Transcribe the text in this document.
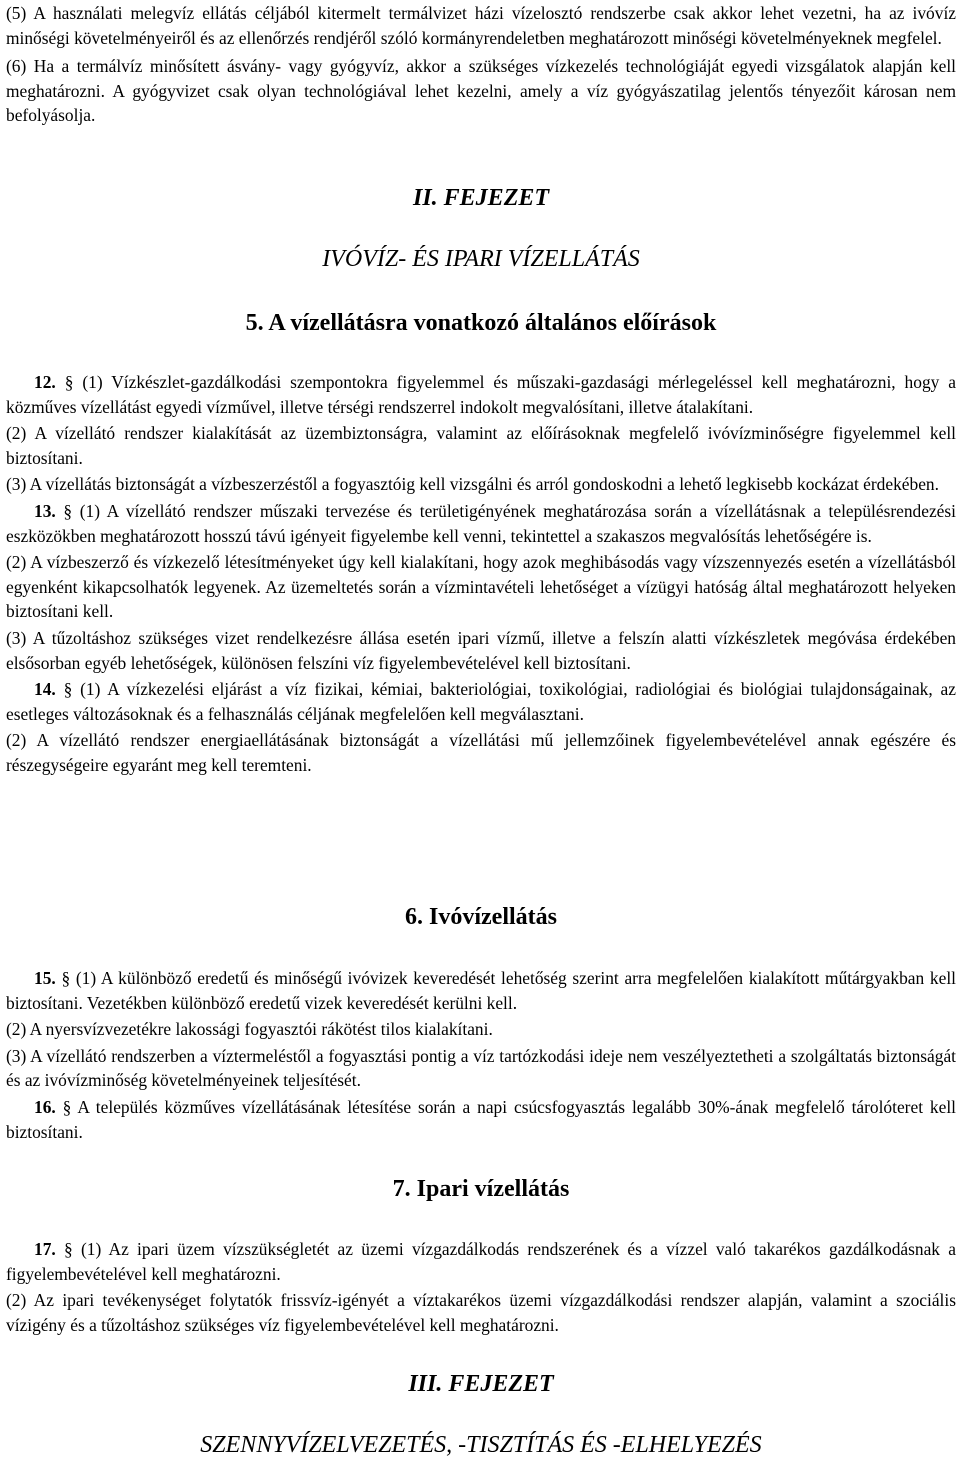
(5) A használati melegvíz ellátás céljából kitermelt termálvizet házi vízelosztó rendszerbe csak akkor lehet vezetni, ha az ivóvíz minőségi követelményeiről és az ellenőrzés rendjéről szóló kormányrendeletben meghatározott minőségi követelményeknek megfelel.

(6) Ha a termálvíz minősített ásvány- vagy gyógyvíz, akkor a szükséges vízkezelés technológiáját egyedi vizsgálatok alapján kell meghatározni. A gyógyvizet csak olyan technológiával lehet kezelni, amely a víz gyógyászatilag jelentős tényezőit károsan nem befolyásolja.

II. FEJEZET
IVÓVÍZ- ÉS IPARI VÍZELLÁTÁS
5. A vízellátásra vonatkozó általános előírások

12. § (1) Vízkészlet-gazdálkodási szempontokra figyelemmel és műszaki-gazdasági mérlegeléssel kell meghatározni, hogy a közműves vízellátást egyedi vízművel, illetve térségi rendszerrel indokolt megvalósítani, illetve átalakítani.

(2) A vízellátó rendszer kialakítását az üzembiztonságra, valamint az előírásoknak megfelelő ivóvízminőségre figyelemmel kell biztosítani.

(3) A vízellátás biztonságát a vízbeszerzéstől a fogyasztóig kell vizsgálni és arról gondoskodni a lehető legkisebb kockázat érdekében.

13. § (1) A vízellátó rendszer műszaki tervezése és területigényének meghatározása során a vízellátásnak a településrendezési eszközökben meghatározott hosszú távú igényeit figyelembe kell venni, tekintettel a szakaszos megvalósítás lehetőségére is.

(2) A vízbeszerző és vízkezelő létesítményeket úgy kell kialakítani, hogy azok meghibásodás vagy vízszennyezés esetén a vízellátásból egyenként kikapcsolhatók legyenek. Az üzemeltetés során a vízmintavételi lehetőséget a vízügyi hatóság által meghatározott helyeken biztosítani kell.

(3) A tűzoltáshoz szükséges vizet rendelkezésre állása esetén ipari vízmű, illetve a felszín alatti vízkészletek megóvása érdekében elsősorban egyéb lehetőségek, különösen felszíni víz figyelembevételével kell biztosítani.

14. § (1) A vízkezelési eljárást a víz fizikai, kémiai, bakteriológiai, toxikológiai, radiológiai és biológiai tulajdonságainak, az esetleges változásoknak és a felhasználás céljának megfelelően kell megválasztani.

(2) A vízellátó rendszer energiaellátásának biztonságát a vízellátási mű jellemzőinek figyelembevételével annak egészére és részegységeire egyaránt meg kell teremteni.

6. Ivóvízellátás

15. § (1) A különböző eredetű és minőségű ivóvizek keveredését lehetőség szerint arra megfelelően kialakított műtárgyakban kell biztosítani. Vezetékben különböző eredetű vizek keveredését kerülni kell.

(2) A nyersvízvezetékre lakossági fogyasztói rákötést tilos kialakítani.

(3) A vízellátó rendszerben a víztermeléstől a fogyasztási pontig a víz tartózkodási ideje nem veszélyeztetheti a szolgáltatás biztonságát és az ivóvízminőség követelményeinek teljesítését.

16. § A település közműves vízellátásának létesítése során a napi csúcsfogyasztás legalább 30%-ának megfelelő tárolóteret kell biztosítani.

7. Ipari vízellátás

17. § (1) Az ipari üzem vízszükségletét az üzemi vízgazdálkodás rendszerének és a vízzel való takarékos gazdálkodásnak a figyelembevételével kell meghatározni.

(2) Az ipari tevékenységet folytatók frissvíz-igényét a víztakarékos üzemi vízgazdálkodási rendszer alapján, valamint a szociális vízigény és a tűzoltáshoz szükséges víz figyelembevételével kell meghatározni.

III. FEJEZET
SZENNYVÍZELVEZETÉS, -TISZTÍTÁS ÉS -ELHELYEZÉS
